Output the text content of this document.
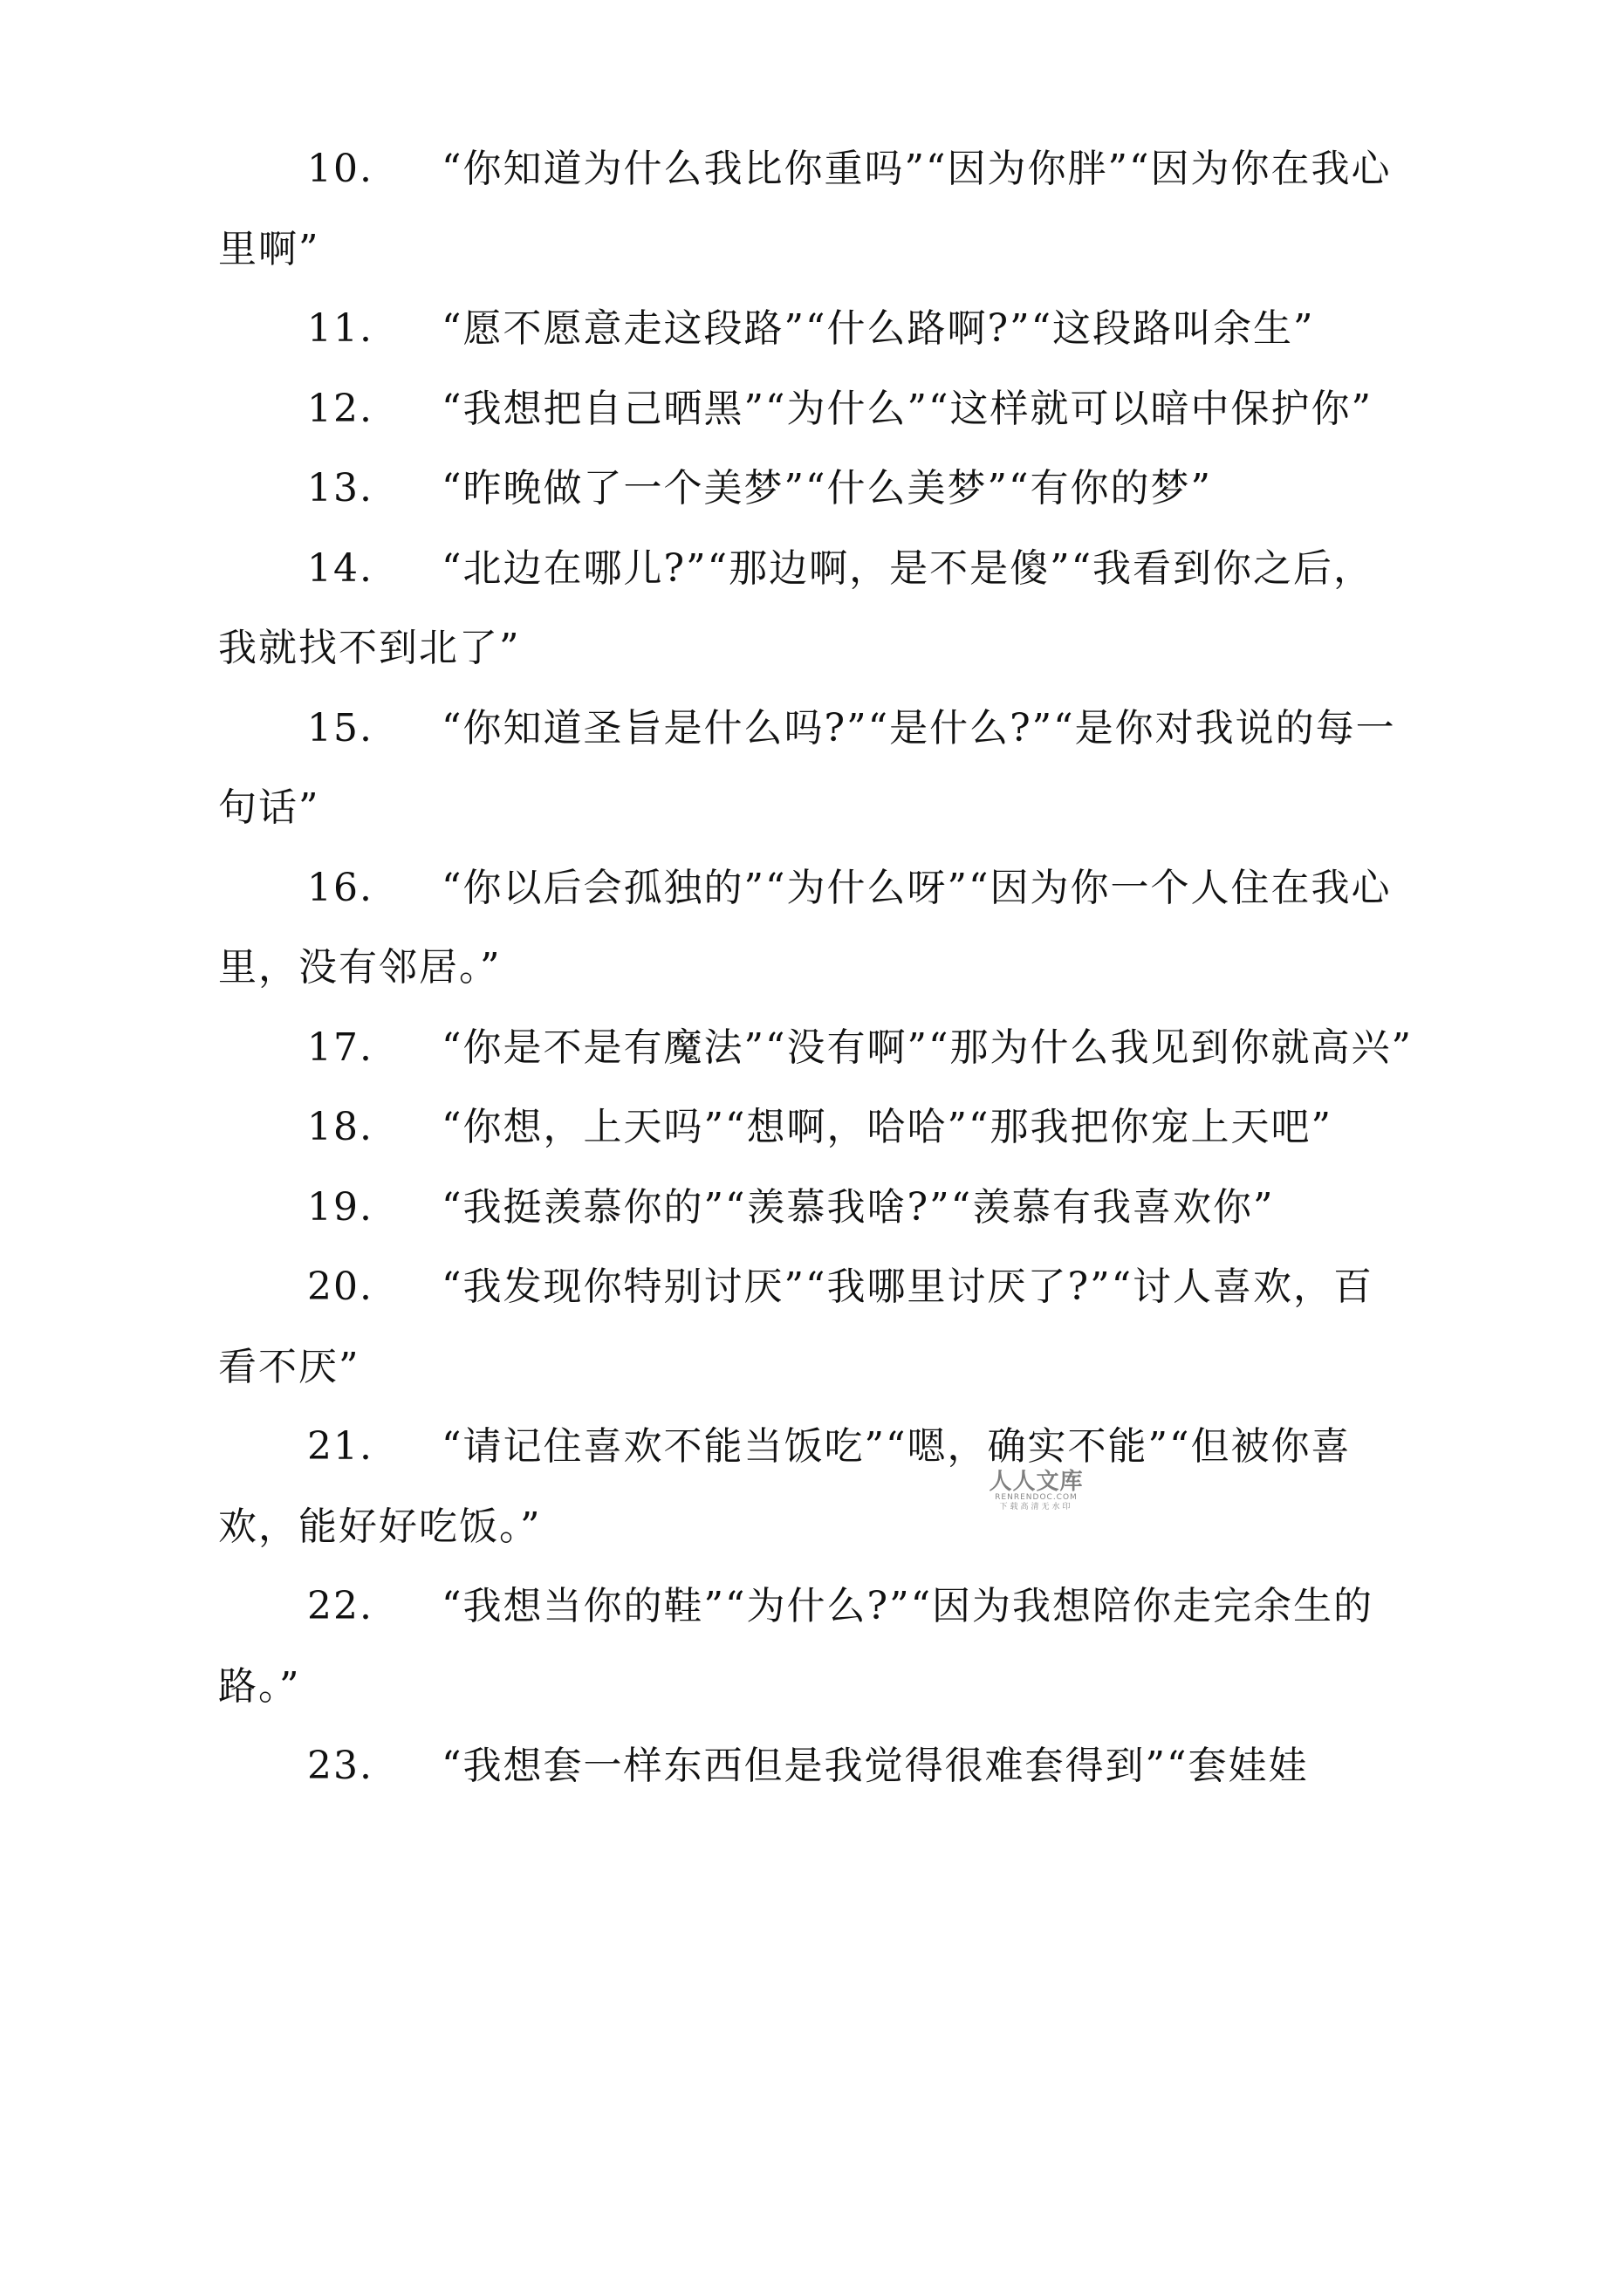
10. “你知道为什么我比你重吗”“因为你胖”“因为你在我心里啊”

11. “愿不愿意走这段路”“什么路啊?”“这段路叫余生”

12. “我想把自己晒黑”“为什么”“这样就可以暗中保护你”

13. “昨晚做了一个美梦”“什么美梦”“有你的梦”

14. “北边在哪儿?”“那边啊，是不是傻”“我看到你之后，我就找不到北了”

15. “你知道圣旨是什么吗?”“是什么?”“是你对我说的每一句话”

16. “你以后会孤独的”“为什么呀”“因为你一个人住在我心里，没有邻居。”

17. “你是不是有魔法”“没有啊”“那为什么我见到你就高兴”

18. “你想，上天吗”“想啊，哈哈”“那我把你宠上天吧”

19. “我挺羡慕你的”“羡慕我啥?”“羡慕有我喜欢你”

20. “我发现你特别讨厌”“我哪里讨厌了?”“讨人喜欢，百看不厌”

21. “请记住喜欢不能当饭吃”“嗯，确实不能”“但被你喜欢，能好好吃饭。”

22. “我想当你的鞋”“为什么?”“因为我想陪你走完余生的路。”

23. “我想套一样东西但是我觉得很难套得到”“套娃娃

人人文库
RENRENDOC.COM
下载高清无水印
